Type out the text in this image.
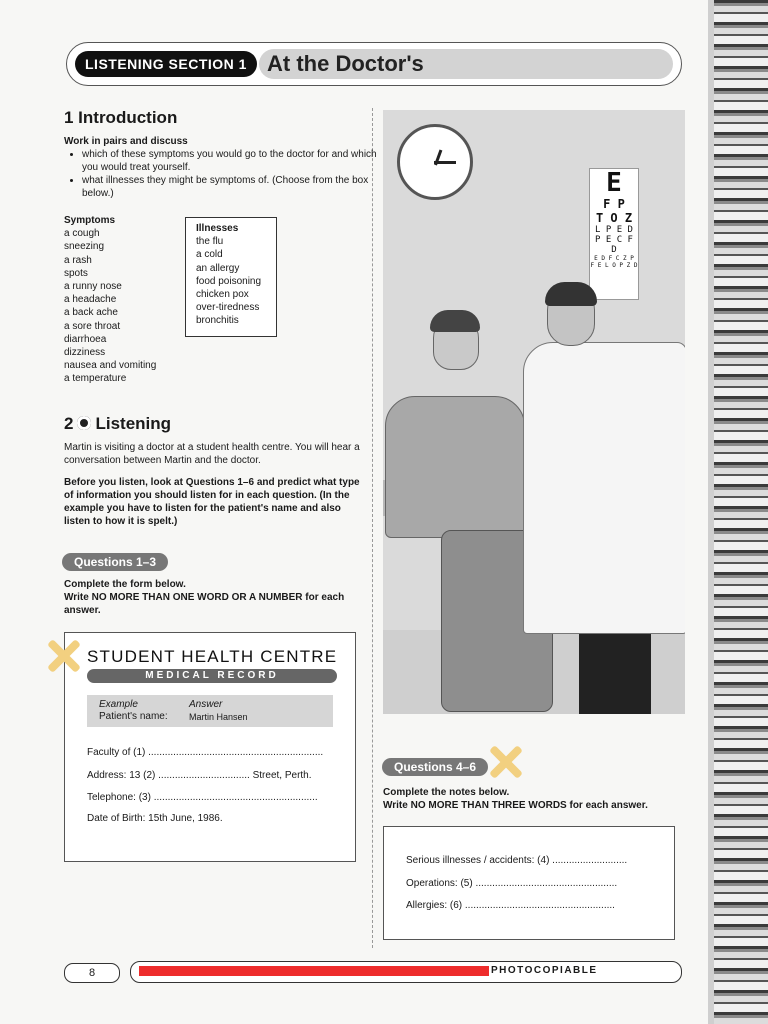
At the Doctor's
LISTENING SECTION 1
1 Introduction
Work in pairs and discuss
• which of these symptoms you would go to the doctor for and which you would treat yourself.
• what illnesses they might be symptoms of. (Choose from the box below.)
Symptoms
a cough
sneezing
a rash
spots
a runny nose
a headache
a back ache
a sore throat
diarrhoea
dizziness
nausea and vomiting
a temperature
Illnesses
the flu
a cold
an allergy
food poisoning
chicken pox
over-tiredness
bronchitis
2 Listening
Martin is visiting a doctor at a student health centre. You will hear a conversation between Martin and the doctor.
Before you listen, look at Questions 1–6 and predict what type of information you should listen for in each question. (In the example you have to listen for the patient's name and also listen to how it is spelt.)
Questions 1–3
Complete the form below.
Write NO MORE THAN ONE WORD OR A NUMBER for each answer.
STUDENT HEALTH CENTRE
MEDICAL RECORD
Example	Answer
Patient's name: Martin Hansen
Faculty of (1) ...............................................................
Address: 13 (2) ................................. Street, Perth.
Telephone: (3) ...........................................................
Date of Birth: 15th June, 1986.
E
F P
T O Z
L P E D
P E C F D
E D F C Z P
F E L O P Z D
Questions 4–6
Complete the notes below.
Write NO MORE THAN THREE WORDS for each answer.
Serious illnesses / accidents: (4) ...........................
Operations: (5) ...................................................
Allergies: (6) ......................................................
8	PHOTOCOPIABLE
